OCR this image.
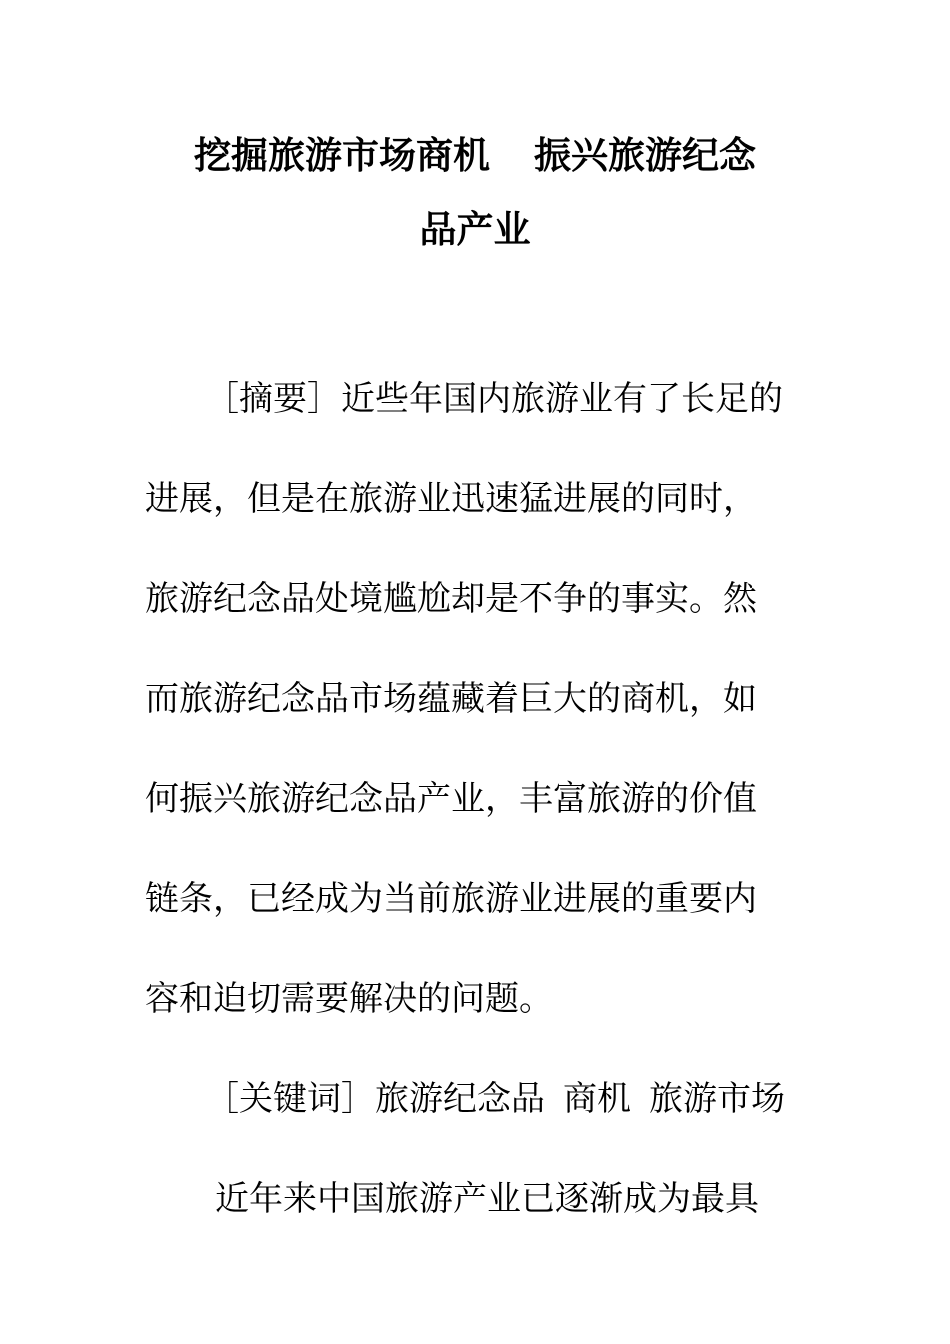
挖掘旅游市场商机 振兴旅游纪念
品产业
［摘要］近些年国内旅游业有了长足的
进展，但是在旅游业迅速猛进展的同时，
旅游纪念品处境尴尬却是不争的事实。然
而旅游纪念品市场蕴藏着巨大的商机，如
何振兴旅游纪念品产业，丰富旅游的价值
链条，已经成为当前旅游业进展的重要内
容和迫切需要解决的问题。
［关键词］旅游纪念品 商机 旅游市场
近年来中国旅游产业已逐渐成为最具
